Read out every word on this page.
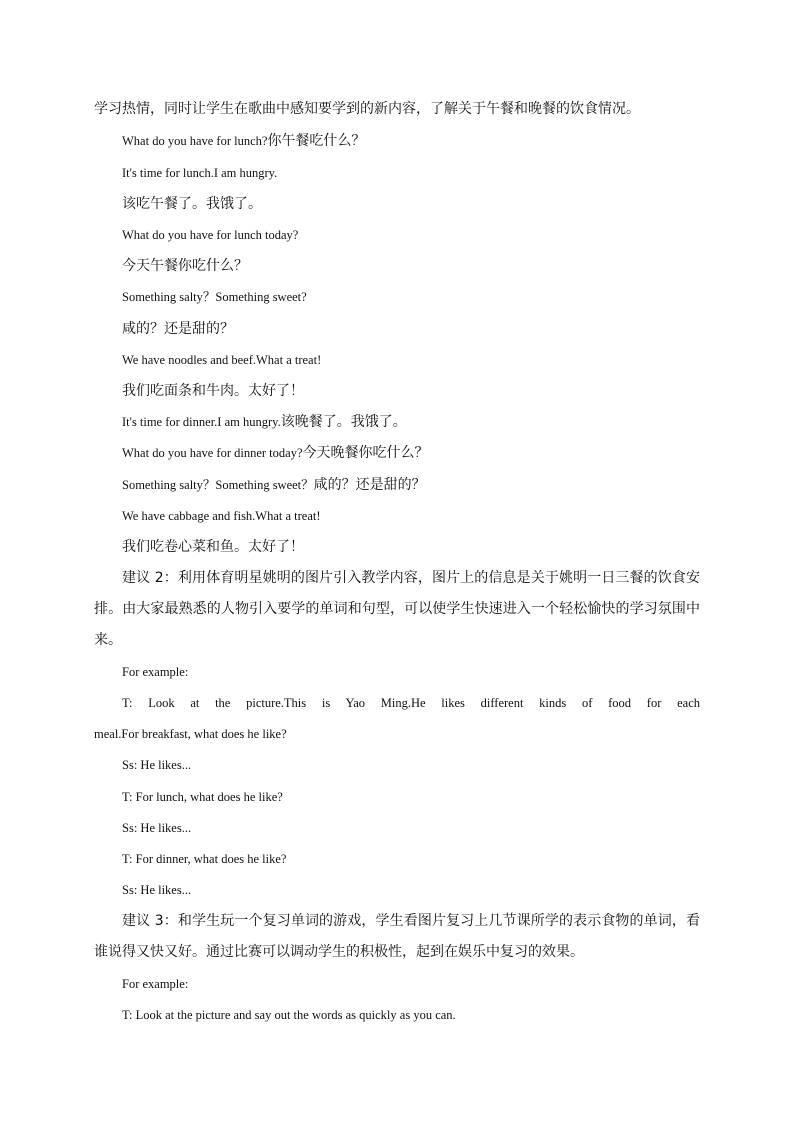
学习热情，同时让学生在歌曲中感知要学到的新内容，了解关于午餐和晚餐的饮食情况。
What do you have for lunch?你午餐吃什么？
It's time for lunch.I am hungry.
该吃午餐了。我饿了。
What do you have for lunch today?
今天午餐你吃什么？
Something salty？Something sweet?
咸的？还是甜的？
We have noodles and beef.What a treat!
我们吃面条和牛肉。太好了！
It's time for dinner.I am hungry.该晚餐了。我饿了。
What do you have for dinner today?今天晚餐你吃什么？
Something salty？Something sweet？咸的？还是甜的？
We have cabbage and fish.What a treat!
我们吃卷心菜和鱼。太好了！
建议 2：利用体育明星姚明的图片引入教学内容，图片上的信息是关于姚明一日三餐的饮食安
排。由大家最熟悉的人物引入要学的单词和句型，可以使学生快速进入一个轻松愉快的学习氛围中
来。
For example:
T: Look at the picture.This is Yao Ming.He likes different kinds of food for each
meal.For breakfast, what does he like?
Ss: He likes...
T: For lunch, what does he like?
Ss: He likes...
T: For dinner, what does he like?
Ss: He likes...
建议 3：和学生玩一个复习单词的游戏，学生看图片复习上几节课所学的表示食物的单词，看
谁说得又快又好。通过比赛可以调动学生的积极性，起到在娱乐中复习的效果。
For example:
T: Look at the picture and say out the words as quickly as you can.
